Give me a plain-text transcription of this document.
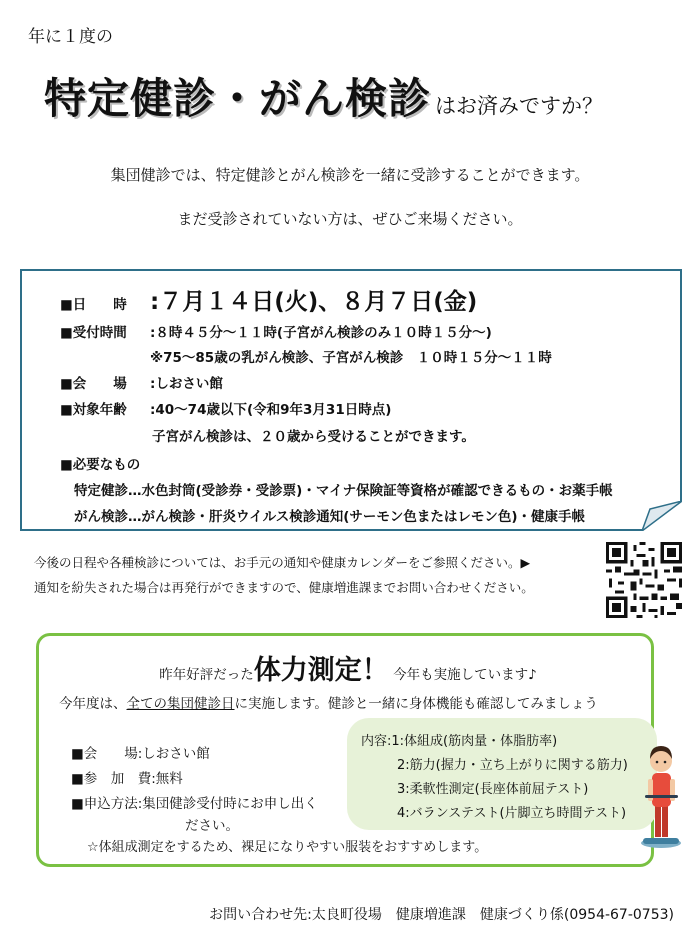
年に１度の
特定健診・がん検診 はお済みですか？
集団健診では、特定健診とがん検診を一緒に受診することができます。
まだ受診されていない方は、ぜひご来場ください。
■日　　時 :７月１４日(火)、８月７日(金)
■受付時間 :８時４５分～１１時(子宮がん検診のみ１０時１５分～)
※75～85歳の乳がん検診、子宮がん検診　１０時１５分～１１時
■会　　場 :しおさい館
■対象年齢 :40～74歳以下(令和9年3月31日時点)
子宮がん検診は、２０歳から受けることができます。
■必要なもの
特定健診…水色封筒(受診券・受診票)・マイナ保険証等資格が確認できるもの・お薬手帳
がん検診…がん検診・肝炎ウイルス検診通知(サーモン色またはレモン色)・健康手帳
今後の日程や各種検診については、お手元の通知や健康カレンダーをご参照ください。▶
通知を紛失された場合は再発行ができますので、健康増進課までお問い合わせください。
昨年好評だった体力測定！ 今年も実施しています♪
今年度は、全ての集団健診日に実施します。健診と一緒に身体機能も確認してみましょう
■会　　場:しおさい館
■参　加　費:無料
■申込方法:集団健診受付時にお申し出く
ださい。
内容:1:体組成(筋肉量・体脂肪率)
2:筋力(握力・立ち上がりに関する筋力)
3:柔軟性測定(長座体前屈テスト)
4:バランステスト(片脚立ち時間テスト)
☆体組成測定をするため、裸足になりやすい服装をおすすめします。
お問い合わせ先:太良町役場　健康増進課　健康づくり係(0954-67-0753)
